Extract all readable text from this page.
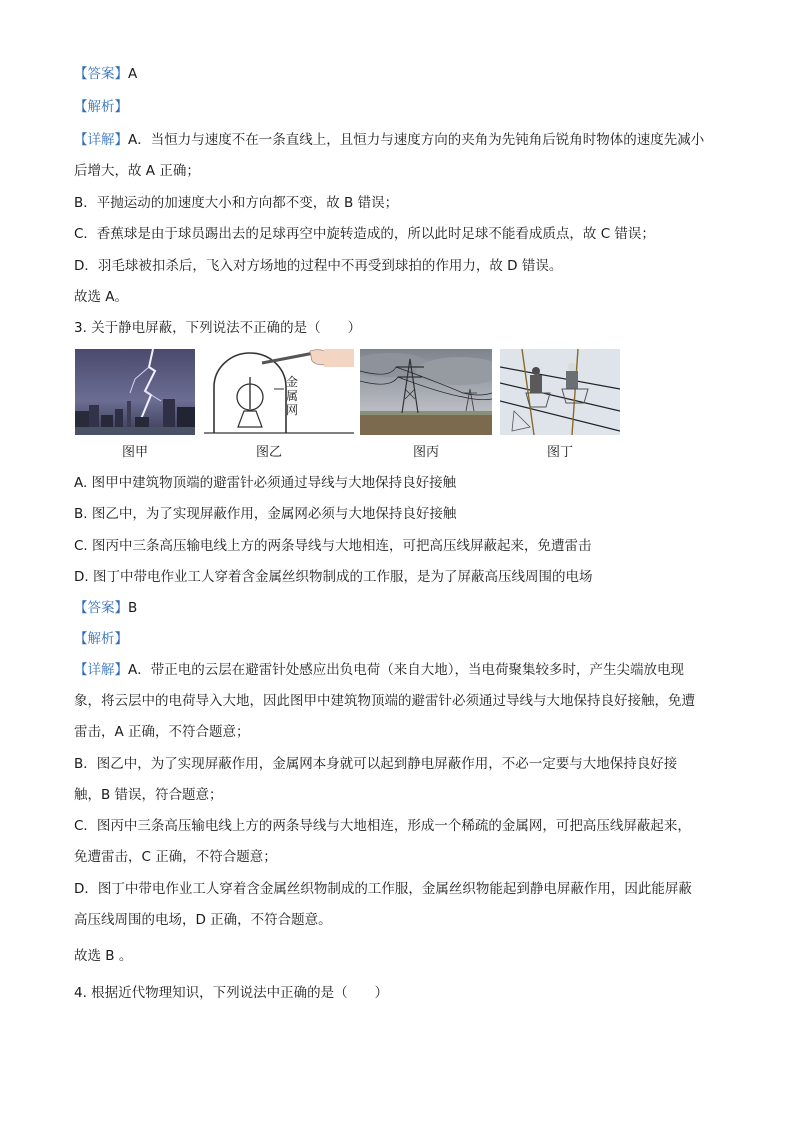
【答案】A
【解析】
【详解】A．当恒力与速度不在一条直线上，且恒力与速度方向的夹角为先钝角后锐角时物体的速度先减小
后增大，故 A 正确；
B．平抛运动的加速度大小和方向都不变，故 B 错误；
C．香蕉球是由于球员踢出去的足球再空中旋转造成的，所以此时足球不能看成质点，故 C 错误；
D．羽毛球被扣杀后，飞入对方场地的过程中不再受到球拍的作用力，故 D 错误。
故选 A。
3. 关于静电屏蔽，下列说法不正确的是（　　）
图甲
金
属
网
图乙	图丙	图丁
A. 图甲中建筑物顶端的避雷针必须通过导线与大地保持良好接触
B. 图乙中，为了实现屏蔽作用，金属网必须与大地保持良好接触
C. 图丙中三条高压输电线上方的两条导线与大地相连，可把高压线屏蔽起来，免遭雷击
D. 图丁中带电作业工人穿着含金属丝织物制成的工作服，是为了屏蔽高压线周围的电场
【答案】B
【解析】
【详解】A．带正电的云层在避雷针处感应出负电荷（来自大地），当电荷聚集较多时，产生尖端放电现
象，将云层中的电荷导入大地，因此图甲中建筑物顶端的避雷针必须通过导线与大地保持良好接触，免遭
雷击，A 正确，不符合题意；
B．图乙中，为了实现屏蔽作用，金属网本身就可以起到静电屏蔽作用，不必一定要与大地保持良好接
触，B 错误，符合题意；
C．图丙中三条高压输电线上方的两条导线与大地相连，形成一个稀疏的金属网，可把高压线屏蔽起来，
免遭雷击，C 正确，不符合题意；
D．图丁中带电作业工人穿着含金属丝织物制成的工作服，金属丝织物能起到静电屏蔽作用，因此能屏蔽
高压线周围的电场，D 正确，不符合题意。
故选 B 。
4. 根据近代物理知识，下列说法中正确的是（　　）
